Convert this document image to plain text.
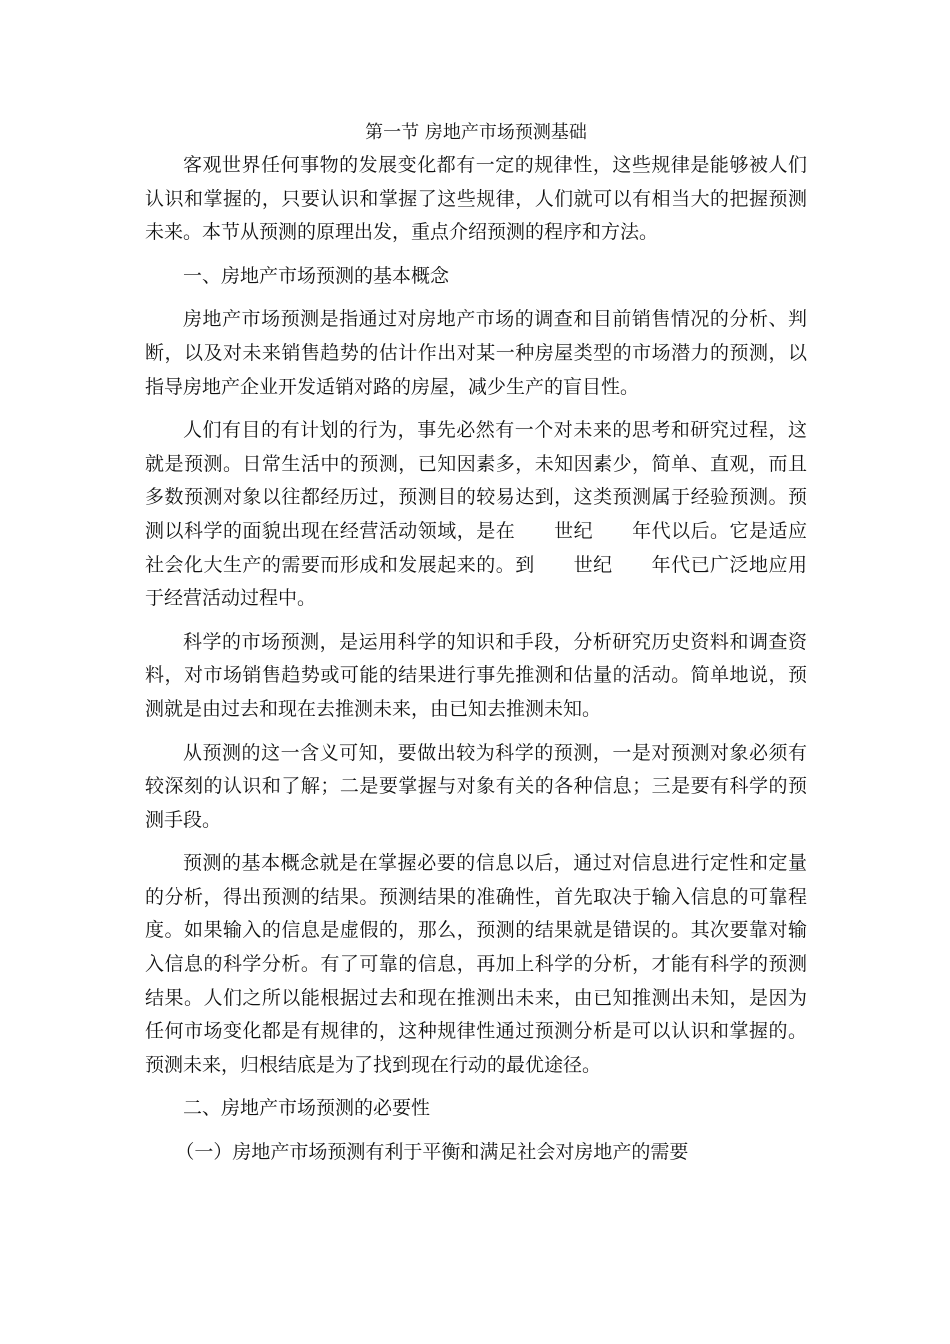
第一节 房地产市场预测基础

客观世界任何事物的发展变化都有一定的规律性，这些规律是能够被人们认识和掌握的，只要认识和掌握了这些规律，人们就可以有相当大的把握预测未来。本节从预测的原理出发，重点介绍预测的程序和方法。

一、房地产市场预测的基本概念

房地产市场预测是指通过对房地产市场的调查和目前销售情况的分析、判断，以及对未来销售趋势的估计作出对某一种房屋类型的市场潜力的预测，以指导房地产企业开发适销对路的房屋，减少生产的盲目性。

人们有目的有计划的行为，事先必然有一个对未来的思考和研究过程，这就是预测。日常生活中的预测，已知因素多，未知因素少，简单、直观，而且多数预测对象以往都经历过，预测目的较易达到，这类预测属于经验预测。预测以科学的面貌出现在经营活动领域，是在　　世纪　　年代以后。它是适应社会化大生产的需要而形成和发展起来的。到　　世纪　　年代已广泛地应用于经营活动过程中。

科学的市场预测，是运用科学的知识和手段，分析研究历史资料和调查资料，对市场销售趋势或可能的结果进行事先推测和估量的活动。简单地说，预测就是由过去和现在去推测未来，由已知去推测未知。

从预测的这一含义可知，要做出较为科学的预测，一是对预测对象必须有较深刻的认识和了解；二是要掌握与对象有关的各种信息；三是要有科学的预测手段。

预测的基本概念就是在掌握必要的信息以后，通过对信息进行定性和定量的分析，得出预测的结果。预测结果的准确性，首先取决于输入信息的可靠程度。如果输入的信息是虚假的，那么，预测的结果就是错误的。其次要靠对输入信息的科学分析。有了可靠的信息，再加上科学的分析，才能有科学的预测结果。人们之所以能根据过去和现在推测出未来，由已知推测出未知，是因为任何市场变化都是有规律的，这种规律性通过预测分析是可以认识和掌握的。预测未来，归根结底是为了找到现在行动的最优途径。

二、房地产市场预测的必要性

（一）房地产市场预测有利于平衡和满足社会对房地产的需要
